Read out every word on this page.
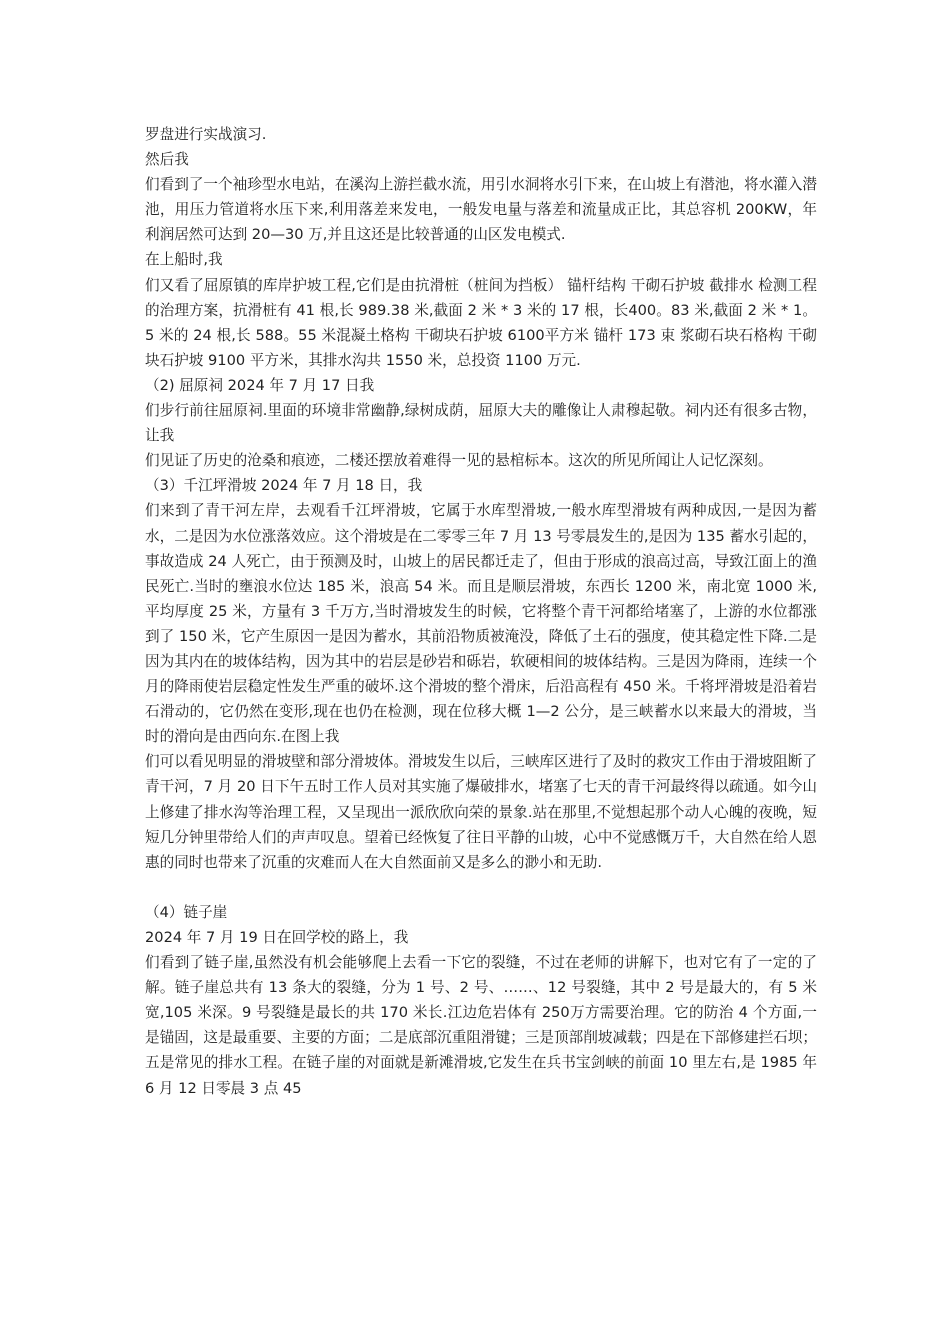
罗盘进行实战演习.

然后我

们看到了一个袖珍型水电站，在溪沟上游拦截水流，用引水洞将水引下来，在山坡上有潜池，将水灌入潜池，用压力管道将水压下来,利用落差来发电，一般发电量与落差和流量成正比，其总容机 200KW，年利润居然可达到 20—30 万,并且这还是比较普通的山区发电模式.

在上船时,我

们又看了屈原镇的库岸护坡工程,它们是由抗滑桩（桩间为挡板） 锚杆结构 干砌石护坡 截排水 检测工程的治理方案，抗滑桩有 41 根,长 989.38 米,截面 2 米 * 3 米的 17 根，长400。83 米,截面 2 米 * 1。5 米的 24 根,长 588。55 米混凝土格构 干砌块石护坡 6100平方米 锚杆 173 束 浆砌石块石格构 干砌块石护坡 9100 平方米，其排水沟共 1550 米，总投资 1100 万元.

（2) 屈原祠 2024 年 7 月 17 日我

们步行前往屈原祠.里面的环境非常幽静,绿树成荫，屈原大夫的雕像让人肃穆起敬。祠内还有很多古物，让我

们见证了历史的沧桑和痕迹，二楼还摆放着难得一见的悬棺标本。这次的所见所闻让人记忆深刻。

（3）千江坪滑坡 2024 年 7 月 18 日，我

们来到了青干河左岸，去观看千江坪滑坡，它属于水库型滑坡,一般水库型滑坡有两种成因,一是因为蓄水，二是因为水位涨落效应。这个滑坡是在二零零三年 7 月 13 号零晨发生的,是因为 135 蓄水引起的，事故造成 24 人死亡，由于预测及时，山坡上的居民都迁走了，但由于形成的浪高过高，导致江面上的渔民死亡.当时的壅浪水位达 185 米，浪高 54 米。而且是顺层滑坡，东西长 1200 米，南北宽 1000 米,平均厚度 25 米，方量有 3 千万方,当时滑坡发生的时候，它将整个青干河都给堵塞了，上游的水位都涨到了 150 米，它产生原因一是因为蓄水，其前沿物质被淹没，降低了土石的强度，使其稳定性下降.二是因为其内在的坡体结构，因为其中的岩层是砂岩和砾岩，软硬相间的坡体结构。三是因为降雨，连续一个月的降雨使岩层稳定性发生严重的破坏.这个滑坡的整个滑床，后沿高程有 450 米。千将坪滑坡是沿着岩石滑动的，它仍然在变形,现在也仍在检测，现在位移大概 1—2 公分，是三峡蓄水以来最大的滑坡，当时的滑向是由西向东.在图上我

们可以看见明显的滑坡壁和部分滑坡体。滑坡发生以后，三峡库区进行了及时的救灾工作由于滑坡阻断了青干河，7 月 20 日下午五时工作人员对其实施了爆破排水，堵塞了七天的青干河最终得以疏通。如今山上修建了排水沟等治理工程，又呈现出一派欣欣向荣的景象.站在那里,不觉想起那个动人心魄的夜晚，短短几分钟里带给人们的声声叹息。望着已经恢复了往日平静的山坡，心中不觉感慨万千，大自然在给人恩惠的同时也带来了沉重的灾难而人在大自然面前又是多么的渺小和无助.

（4）链子崖

2024 年 7 月 19 日在回学校的路上，我

们看到了链子崖,虽然没有机会能够爬上去看一下它的裂缝，不过在老师的讲解下，也对它有了一定的了解。链子崖总共有 13 条大的裂缝，分为 1 号、2 号、……、12 号裂缝，其中 2 号是最大的，有 5 米宽,105 米深。9 号裂缝是最长的共 170 米长.江边危岩体有 250万方需要治理。它的防治 4 个方面,一是锚固，这是最重要、主要的方面；二是底部沉重阻滑键；三是顶部削坡减载；四是在下部修建拦石坝；五是常见的排水工程。在链子崖的对面就是新滩滑坡,它发生在兵书宝剑峡的前面 10 里左右,是 1985 年 6 月 12 日零晨 3 点 45
